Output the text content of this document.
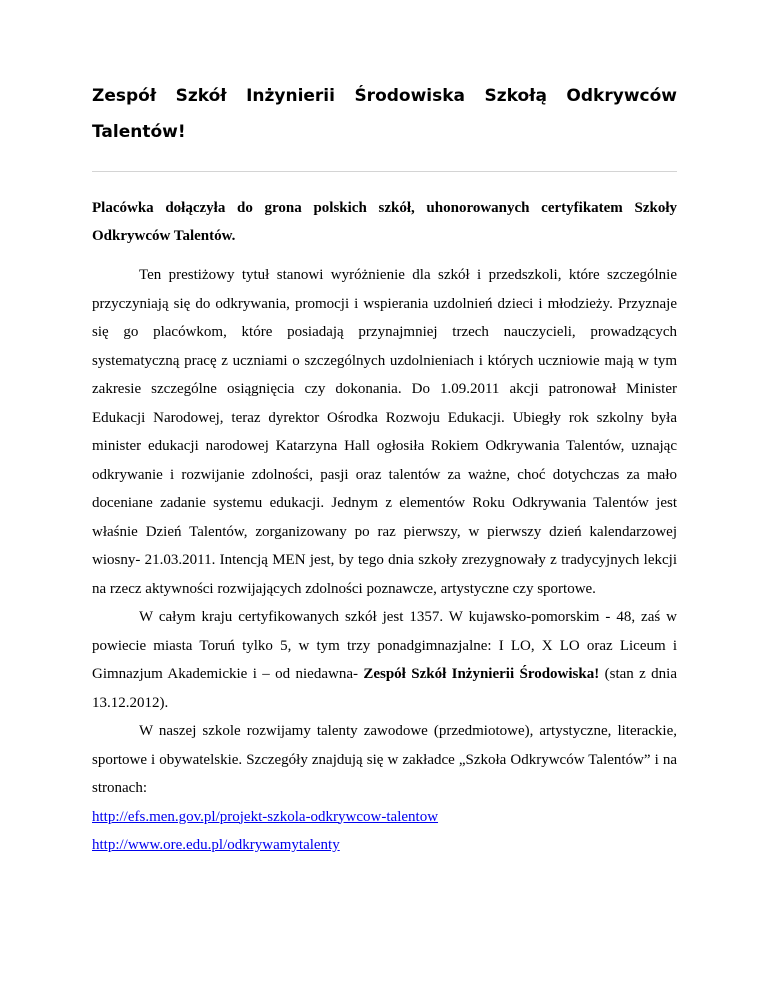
Zespół Szkół Inżynierii Środowiska Szkołą Odkrywców Talentów!

Placówka dołączyła do grona polskich szkół, uhonorowanych certyfikatem Szkoły Odkrywców Talentów.

Ten prestiżowy tytuł stanowi wyróżnienie dla szkół i przedszkoli, które szczególnie przyczyniają się do odkrywania, promocji i wspierania uzdolnień dzieci i młodzieży. Przyznaje się go placówkom, które posiadają przynajmniej trzech nauczycieli, prowadzących systematyczną pracę z uczniami o szczególnych uzdolnieniach i których uczniowie mają w tym zakresie szczególne osiągnięcia czy dokonania. Do 1.09.2011 akcji patronował Minister Edukacji Narodowej, teraz dyrektor Ośrodka Rozwoju Edukacji. Ubiegły rok szkolny była minister edukacji narodowej Katarzyna Hall ogłosiła Rokiem Odkrywania Talentów, uznając odkrywanie i rozwijanie zdolności, pasji oraz talentów za ważne, choć dotychczas za mało doceniane zadanie systemu edukacji. Jednym z elementów Roku Odkrywania Talentów jest właśnie Dzień Talentów, zorganizowany po raz pierwszy, w pierwszy dzień kalendarzowej wiosny- 21.03.2011. Intencją MEN jest, by tego dnia szkoły zrezygnowały z tradycyjnych lekcji na rzecz aktywności rozwijających zdolności poznawcze, artystyczne czy sportowe.

W całym kraju certyfikowanych szkół jest 1357. W kujawsko-pomorskim - 48, zaś w powiecie miasta Toruń tylko 5, w tym trzy ponadgimnazjalne: I LO, X LO oraz Liceum i Gimnazjum Akademickie i – od niedawna- Zespół Szkół Inżynierii Środowiska! (stan z dnia 13.12.2012).

W naszej szkole rozwijamy talenty zawodowe (przedmiotowe), artystyczne, literackie, sportowe i obywatelskie. Szczegóły znajdują się w zakładce „Szkoła Odkrywców Talentów” i na stronach:

http://efs.men.gov.pl/projekt-szkola-odkrywcow-talentow
http://www.ore.edu.pl/odkrywamytalenty
